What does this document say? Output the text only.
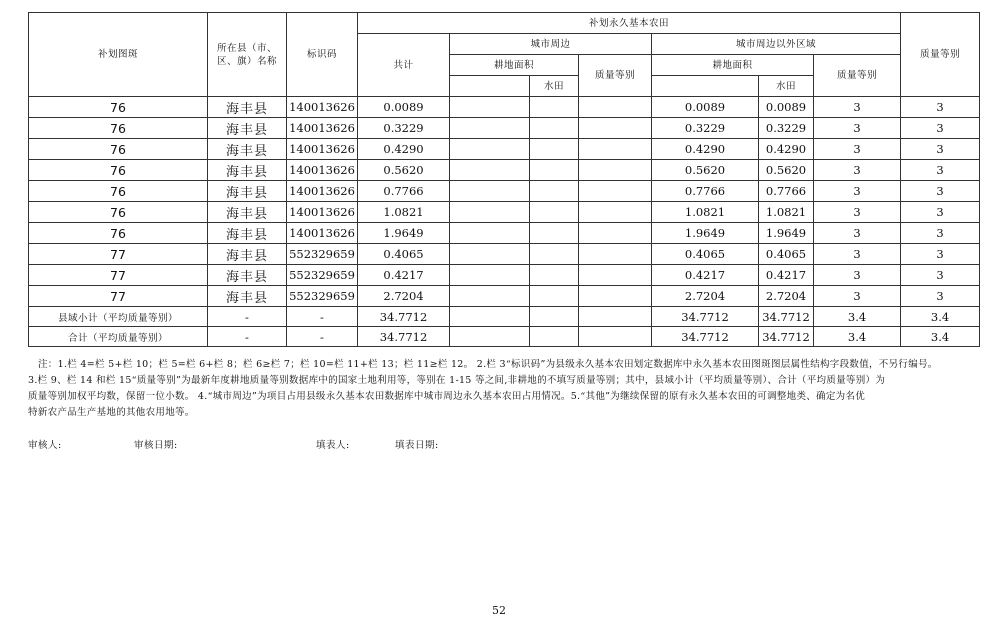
补划图斑	所在县（市、区、旗）名称	标识码	补划永久基本农田							质量等别
			共计	城市周边			城市周边以外区域			
				耕地面积		质量等别	耕地面积		质量等别	
					水田			水田		
76	海丰县	140013626	0.0089				0.0089	0.0089	3	3
76	海丰县	140013626	0.3229				0.3229	0.3229	3	3
76	海丰县	140013626	0.4290				0.4290	0.4290	3	3
76	海丰县	140013626	0.5620				0.5620	0.5620	3	3
76	海丰县	140013626	0.7766				0.7766	0.7766	3	3
76	海丰县	140013626	1.0821				1.0821	1.0821	3	3
76	海丰县	140013626	1.9649				1.9649	1.9649	3	3
77	海丰县	552329659	0.4065				0.4065	0.4065	3	3
77	海丰县	552329659	0.4217				0.4217	0.4217	3	3
77	海丰县	552329659	2.7204				2.7204	2.7204	3	3
县域小计（平均质量等别）	-	-	34.7712				34.7712	34.7712	3.4	3.4
合计（平均质量等别）	-	-	34.7712				34.7712	34.7712	3.4	3.4

注：1.栏 4=栏 5+栏 10；栏 5=栏 6+栏 8；栏 6≥栏 7；栏 10=栏 11+栏 13；栏 11≥栏 12。 2.栏 3“标识码”为县级永久基本农田划定数据库中永久基本农田图斑图层属性结构字段数值，不另行编号。

3.栏 9、栏 14 和栏 15“质量等别”为最新年度耕地质量等别数据库中的国家土地利用等，等别在 1-15 等之间,非耕地的不填写质量等别；其中，县域小计（平均质量等别）、合计（平均质量等别）为

质量等别加权平均数，保留一位小数。 4.“城市周边”为项目占用县级永久基本农田数据库中城市周边永久基本农田占用情况。5.“其他”为继续保留的原有永久基本农田的可调整地类、确定为名优

特新农产品生产基地的其他农用地等。

审核人:	审核日期:	填表人:	填表日期:
52
